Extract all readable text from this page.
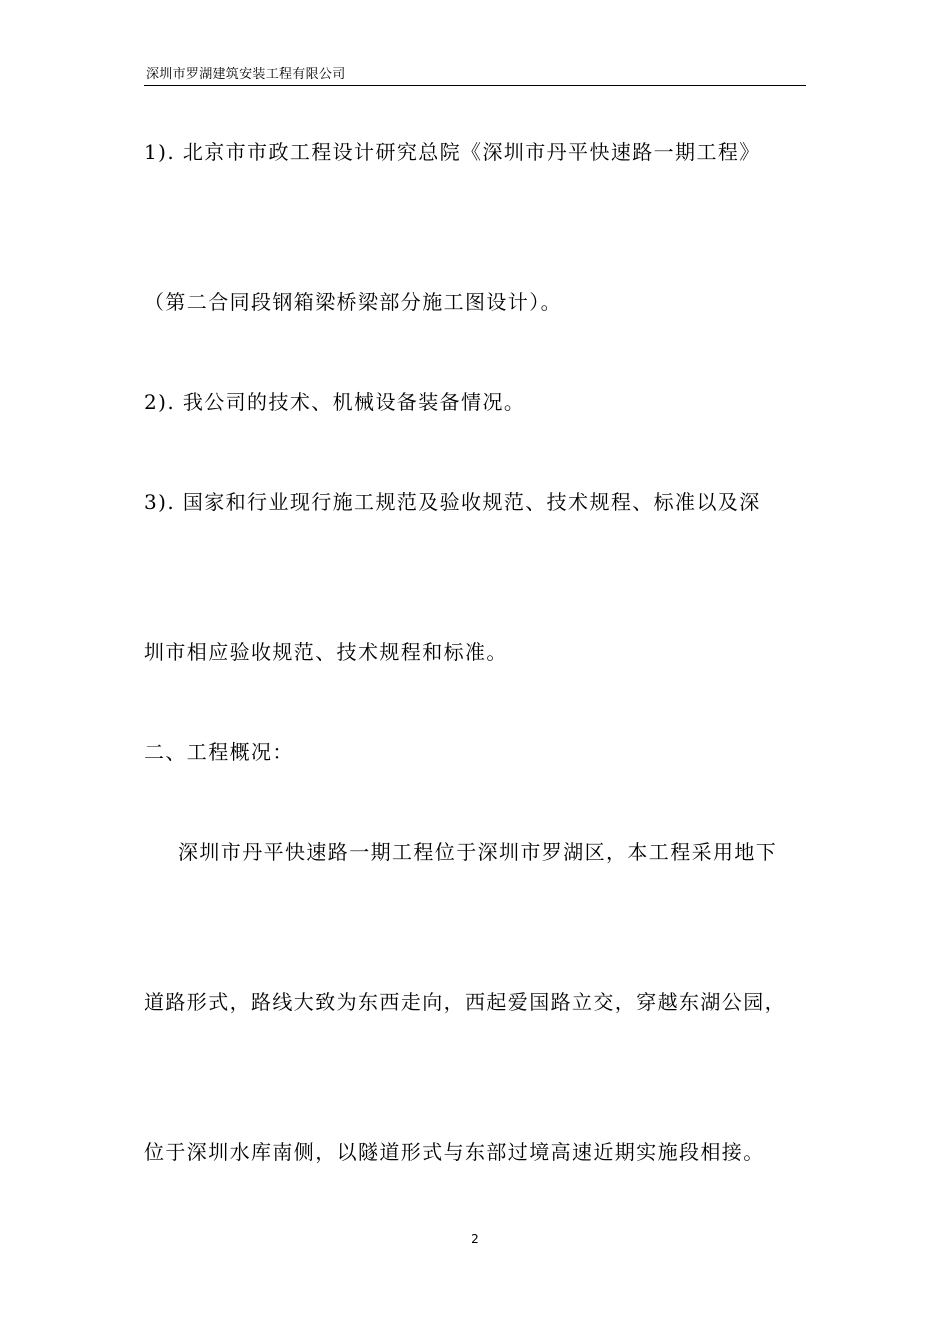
深圳市罗湖建筑安装工程有限公司
1). 北京市市政工程设计研究总院《深圳市丹平快速路一期工程》
（第二合同段钢箱梁桥梁部分施工图设计）。
2). 我公司的技术、机械设备装备情况。
3). 国家和行业现行施工规范及验收规范、技术规程、标准以及深
圳市相应验收规范、技术规程和标准。
二、工程概况：
深圳市丹平快速路一期工程位于深圳市罗湖区，本工程采用地下
道路形式，路线大致为东西走向，西起爱国路立交，穿越东湖公园，
位于深圳水库南侧，以隧道形式与东部过境高速近期实施段相接。
2
